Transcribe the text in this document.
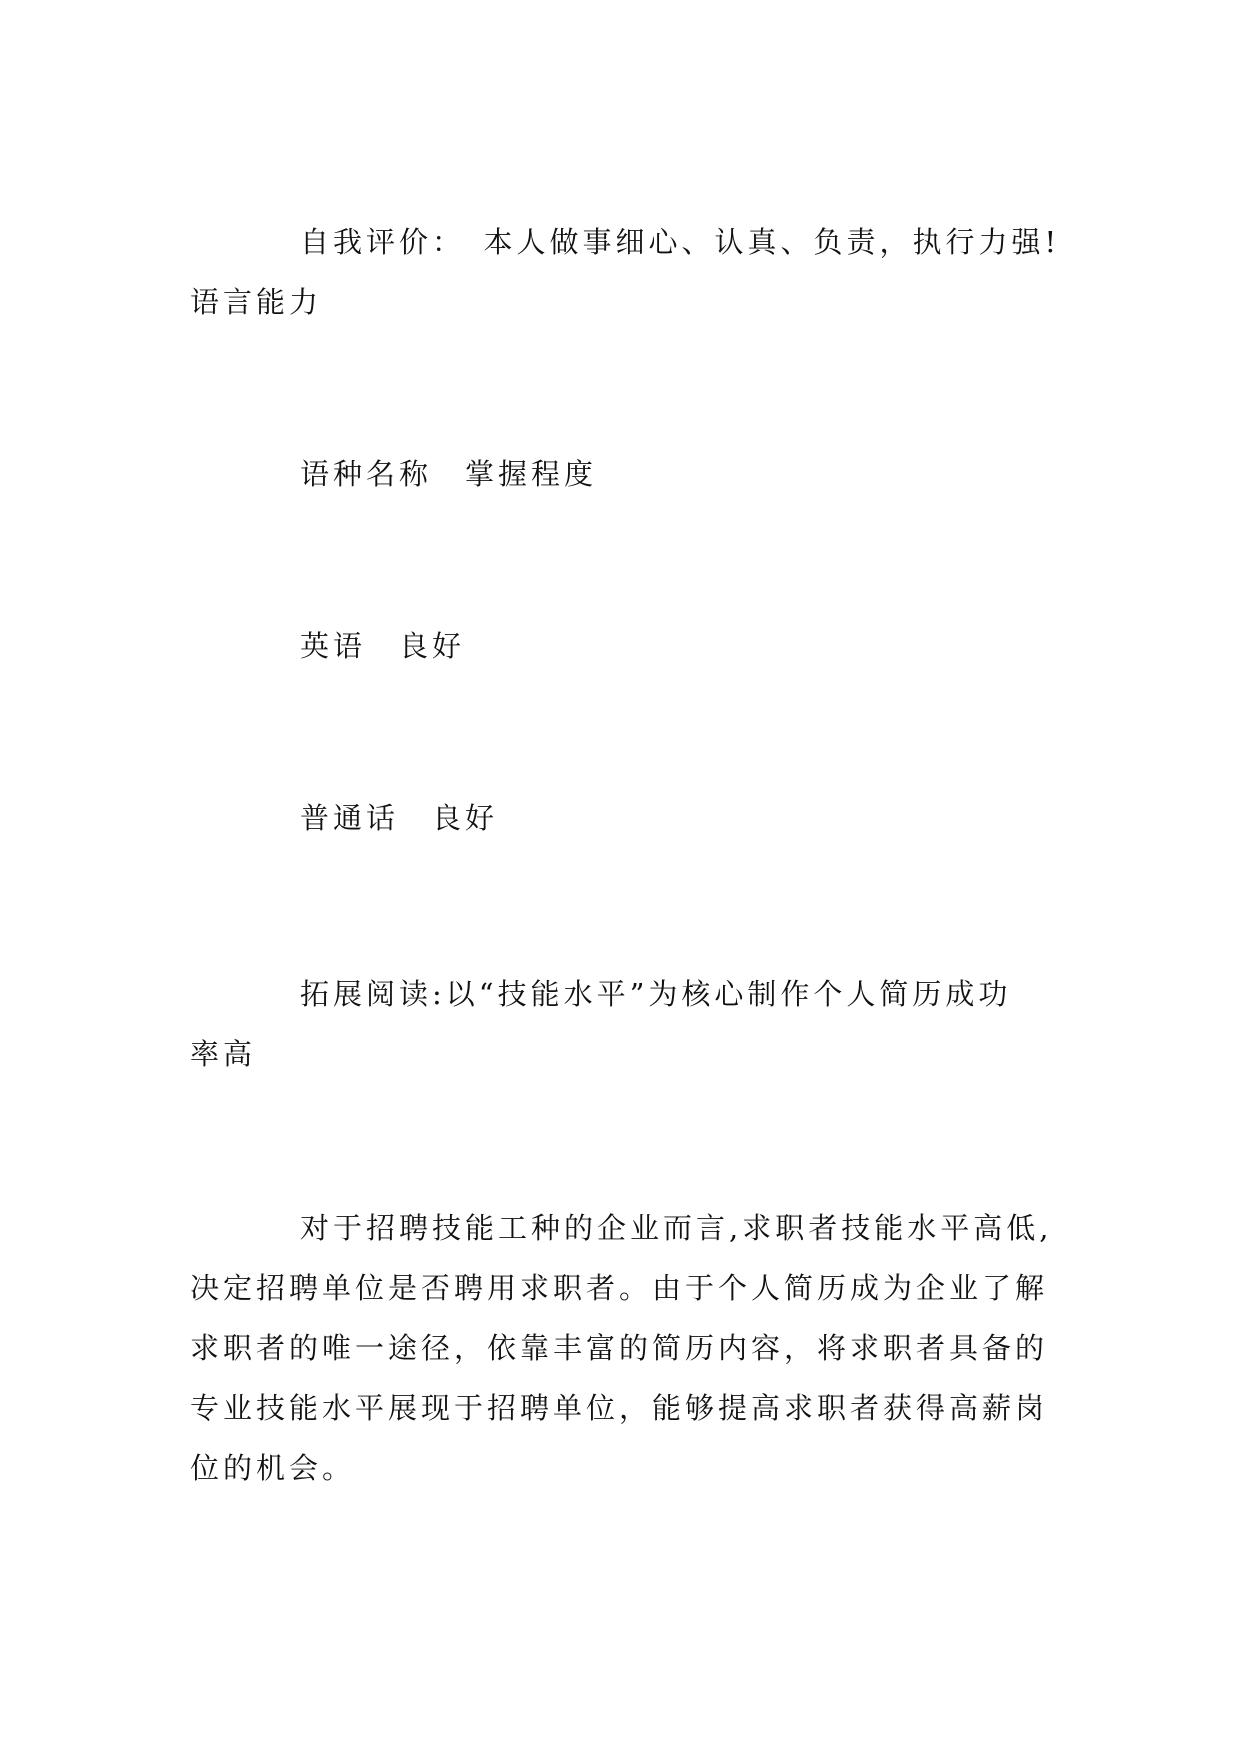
自我评价：　本人做事细心、认真、负责，执行力强!
语言能力
语种名称　掌握程度
英语　良好
普通话　良好
拓展阅读:以“技能水平”为核心制作个人简历成功
率高
对于招聘技能工种的企业而言,求职者技能水平高低,
决定招聘单位是否聘用求职者。由于个人简历成为企业了解
求职者的唯一途径，依靠丰富的简历内容，将求职者具备的
专业技能水平展现于招聘单位，能够提高求职者获得高薪岗
位的机会。
